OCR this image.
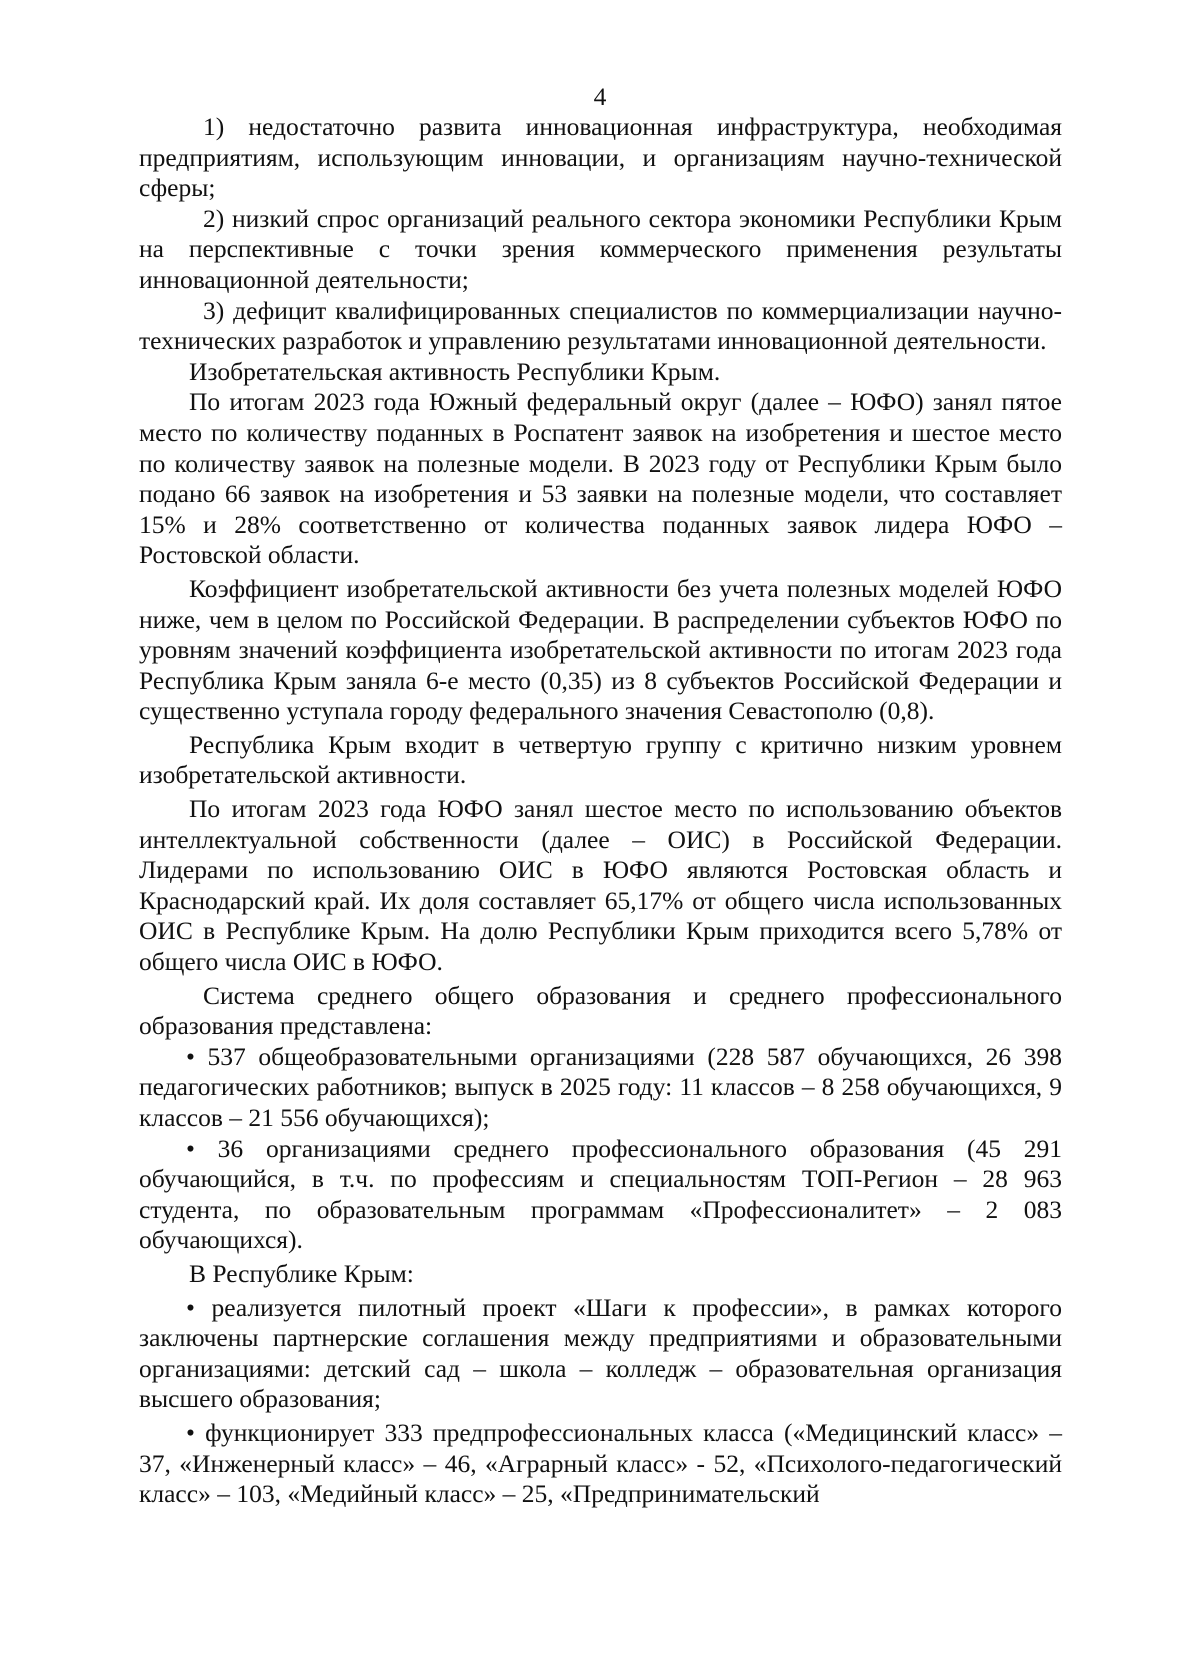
4

1) недостаточно развита инновационная инфраструктура, необходимая предприятиям, использующим инновации, и организациям научно-технической сферы;

2) низкий спрос организаций реального сектора экономики Республики Крым на перспективные с точки зрения коммерческого применения результаты инновационной деятельности;

3) дефицит квалифицированных специалистов по коммерциализации научно-технических разработок и управлению результатами инновационной деятельности.

Изобретательская активность Республики Крым.

По итогам 2023 года Южный федеральный округ (далее – ЮФО) занял пятое место по количеству поданных в Роспатент заявок на изобретения и шестое место по количеству заявок на полезные модели. В 2023 году от Республики Крым было подано 66 заявок на изобретения и 53 заявки на полезные модели, что составляет 15% и 28% соответственно от количества поданных заявок лидера ЮФО – Ростовской области.

Коэффициент изобретательской активности без учета полезных моделей ЮФО ниже, чем в целом по Российской Федерации. В распределении субъектов ЮФО по уровням значений коэффициента изобретательской активности по итогам 2023 года Республика Крым заняла 6-е место (0,35) из 8 субъектов Российской Федерации и существенно уступала городу федерального значения Севастополю (0,8).

Республика Крым входит в четвертую группу с критично низким уровнем изобретательской активности.

По итогам 2023 года ЮФО занял шестое место по использованию объектов интеллектуальной собственности (далее – ОИС) в Российской Федерации. Лидерами по использованию ОИС в ЮФО являются Ростовская область и Краснодарский край. Их доля составляет 65,17% от общего числа использованных ОИС в Республике Крым. На долю Республики Крым приходится всего 5,78% от общего числа ОИС в ЮФО.

Система среднего общего образования и среднего профессионального образования представлена:

• 537 общеобразовательными организациями (228 587 обучающихся, 26 398 педагогических работников; выпуск в 2025 году: 11 классов – 8 258 обучающихся, 9 классов – 21 556 обучающихся);

• 36 организациями среднего профессионального образования (45 291 обучающийся, в т.ч. по профессиям и специальностям ТОП-Регион – 28 963 студента, по образовательным программам «Профессионалитет» – 2 083 обучающихся).

В Республике Крым:

• реализуется пилотный проект «Шаги к профессии», в рамках которого заключены партнерские соглашения между предприятиями и образовательными организациями: детский сад – школа – колледж – образовательная организация высшего образования;

• функционирует 333 предпрофессиональных класса («Медицинский класс» – 37, «Инженерный класс» – 46, «Аграрный класс» - 52, «Психолого-педагогический класс» – 103, «Медийный класс» – 25, «Предпринимательский
